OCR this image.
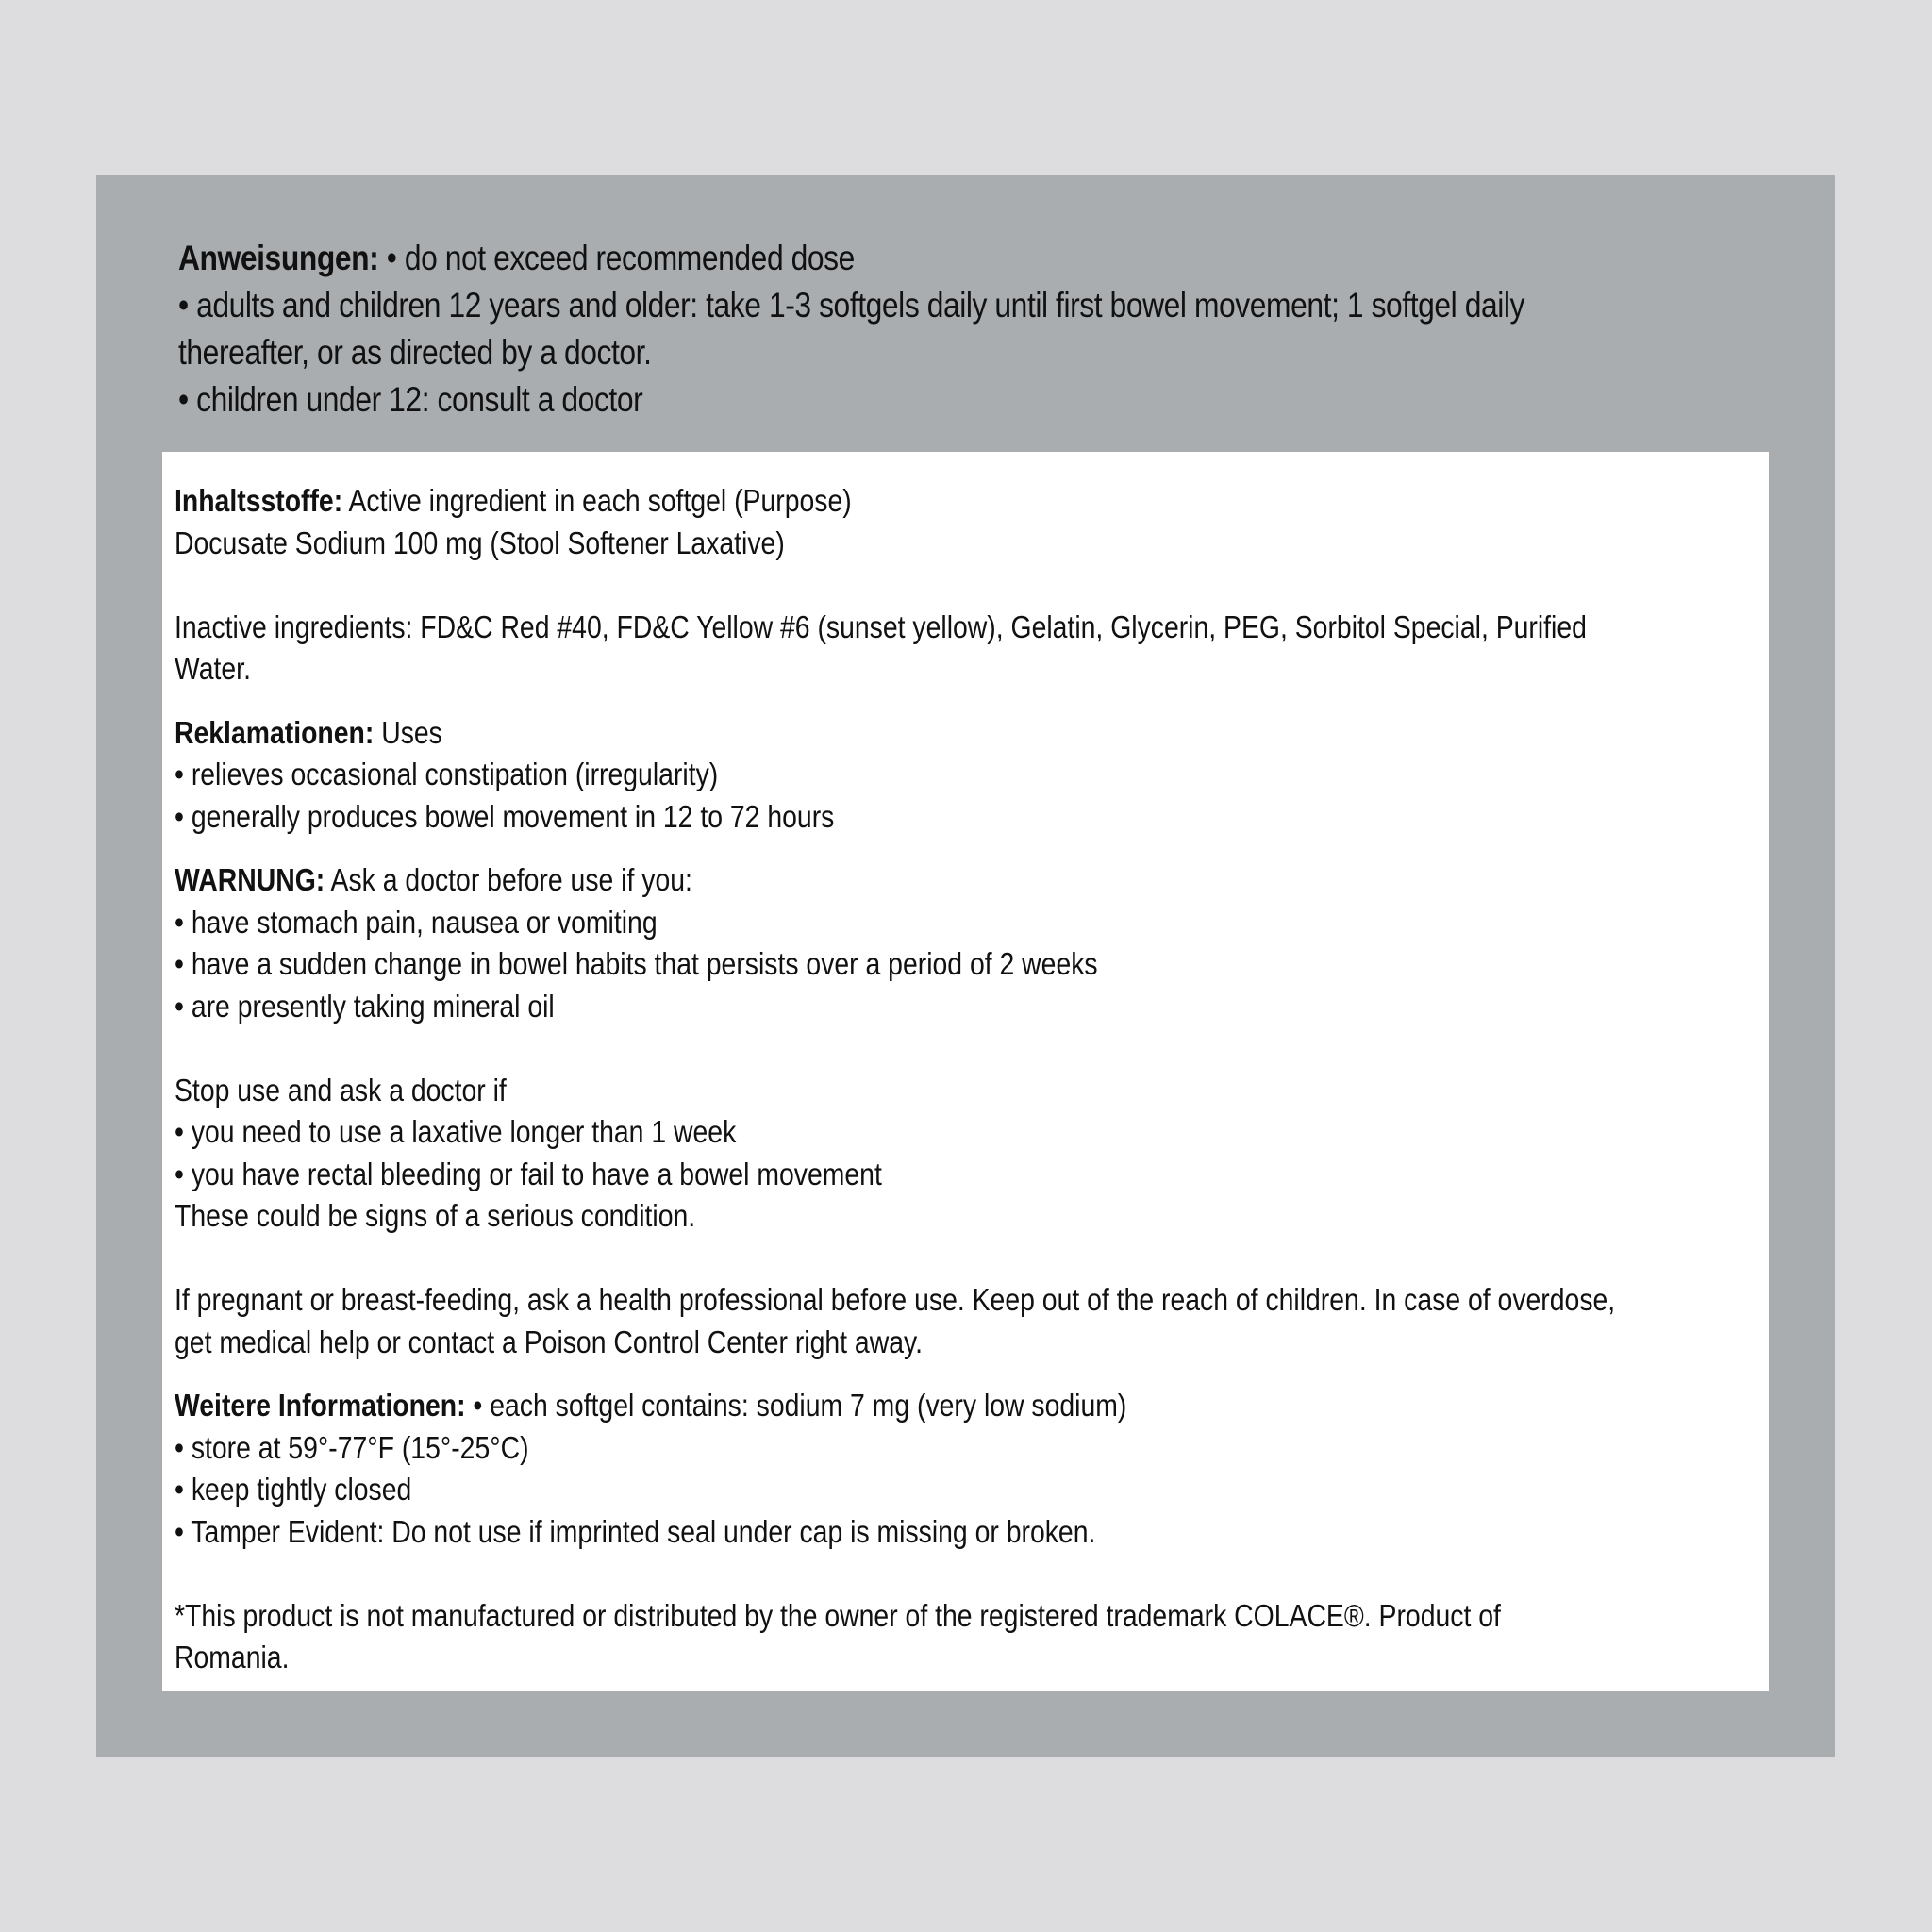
Anweisungen: • do not exceed recommended dose

• adults and children 12 years and older: take 1-3 softgels daily until first bowel movement; 1 softgel daily

thereafter, or as directed by a doctor.

• children under 12: consult a doctor

Inhaltsstoffe: Active ingredient in each softgel (Purpose)

Docusate Sodium 100 mg (Stool Softener Laxative)

Inactive ingredients: FD&C Red #40, FD&C Yellow #6 (sunset yellow), Gelatin, Glycerin, PEG, Sorbitol Special, Purified

Water.

Reklamationen: Uses

• relieves occasional constipation (irregularity)

• generally produces bowel movement in 12 to 72 hours

WARNUNG: Ask a doctor before use if you:

• have stomach pain, nausea or vomiting

• have a sudden change in bowel habits that persists over a period of 2 weeks

• are presently taking mineral oil

Stop use and ask a doctor if

• you need to use a laxative longer than 1 week

• you have rectal bleeding or fail to have a bowel movement

These could be signs of a serious condition.

If pregnant or breast-feeding, ask a health professional before use. Keep out of the reach of children. In case of overdose,

get medical help or contact a Poison Control Center right away.

Weitere Informationen: • each softgel contains: sodium 7 mg (very low sodium)

• store at 59°-77°F (15°-25°C)

• keep tightly closed

• Tamper Evident: Do not use if imprinted seal under cap is missing or broken.

*This product is not manufactured or distributed by the owner of the registered trademark COLACE®. Product of

Romania.
